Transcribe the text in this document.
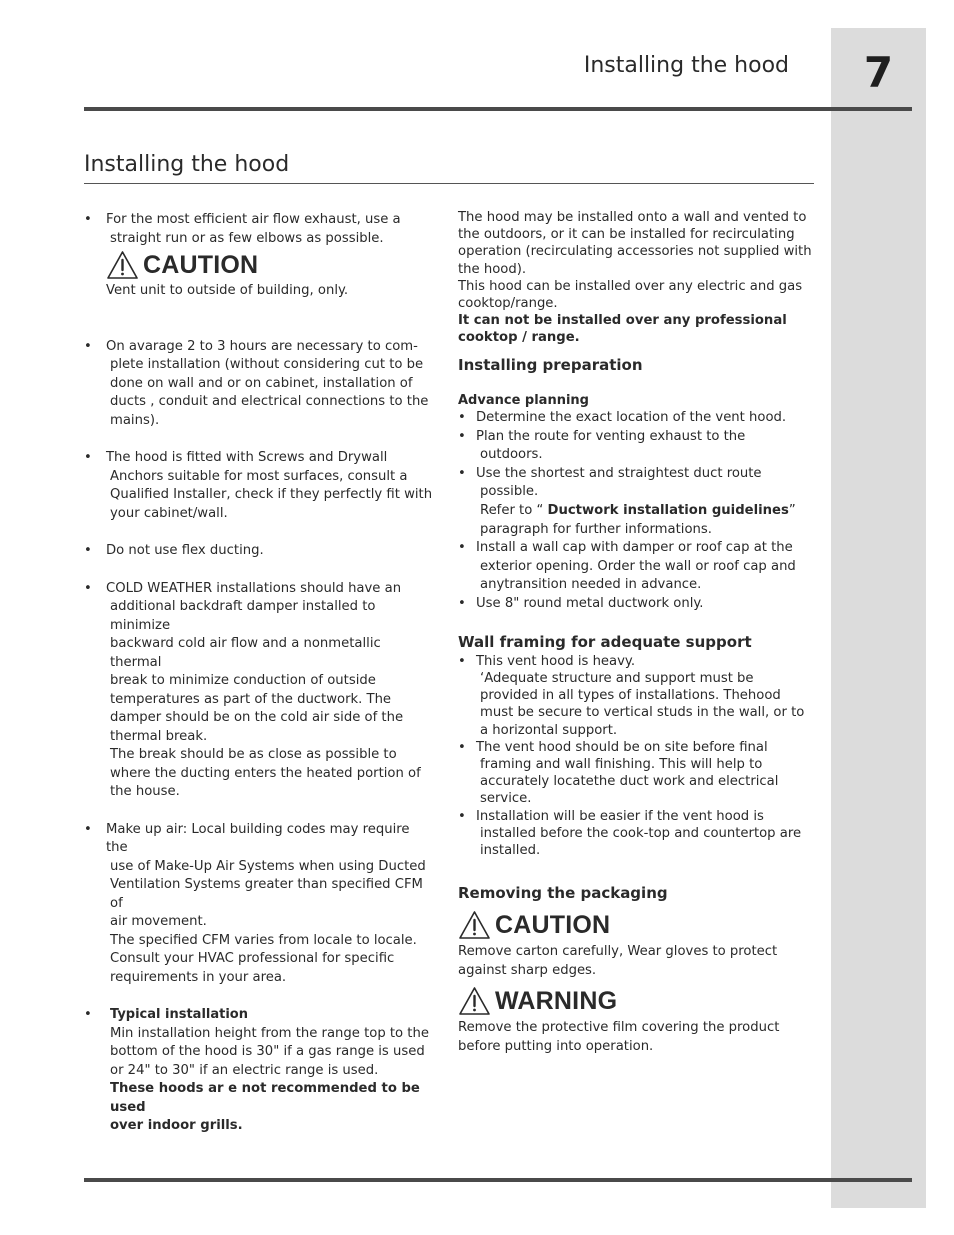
7
Installing the hood
Installing the hood
• For the most efficient air flow exhaust, use a
straight run or as few elbows as possible.
CAUTION
Vent unit to outside of building, only.
• On avarage 2 to 3 hours are necessary to com-
plete installation (without considering cut to be
done on wall and or on cabinet, installation of
ducts , conduit and electrical connections to the
mains).
• The hood is fitted with Screws and Drywall
Anchors suitable for most surfaces, consult a
Qualified Installer, check if they perfectly fit with
your cabinet/wall.
• Do not use flex ducting.
• COLD WEATHER installations should have an
additional backdraft damper installed to minimize
backward cold air flow and a nonmetallic thermal
break to minimize conduction of outside
temperatures as part of the ductwork. The
damper should be on the cold air side of the
thermal break.
The break should be as close as possible to
where the ducting enters the heated portion of
the house.
• Make up air: Local building codes may require the
use of Make-Up Air Systems when using Ducted
Ventilation Systems greater than specified CFM of
air movement.
The specified CFM varies from locale to locale.
Consult your HVAC professional for specific
requirements in your area.
•	Typical installation
Min installation height from the range top to the
bottom of the hood is 30" if a gas range is used
or 24" to 30" if an electric range is used.
These hoods ar e not recommended to be used
over indoor grills.
The hood may be installed onto a wall and vented to
the outdoors, or it can be installed for recirculating
operation (recirculating accessories not supplied with
the hood).
This hood can be installed over any electric and gas
cooktop/range.
It can not be installed over any professional
cooktop / range.
Installing preparation
Advance planning
• Determine the exact location of the vent hood.
• Plan the route for venting exhaust to the
outdoors.
• Use the shortest and straightest duct route
possible.
Refer to “ Ductwork installation guidelines”
paragraph for further informations.
• Install a wall cap with damper or roof cap at the
exterior opening. Order the wall or roof cap and
anytransition needed in advance.
• Use 8" round metal ductwork only.
Wall framing for adequate support
• This vent hood is heavy.
‘Adequate structure and support must be
provided in all types of installations. Thehood
must be secure to vertical studs in the wall, or to
a horizontal support.
• The vent hood should be on site before final
framing and wall finishing. This will help to
accurately locatethe duct work and electrical
service.
• Installation will be easier if the vent hood is
installed before the cook-top and countertop are
installed.
Removing the packaging
CAUTION
Remove carton carefully, Wear gloves to protect
against sharp edges.
WARNING
Remove the protective film covering the product
before putting into operation.
